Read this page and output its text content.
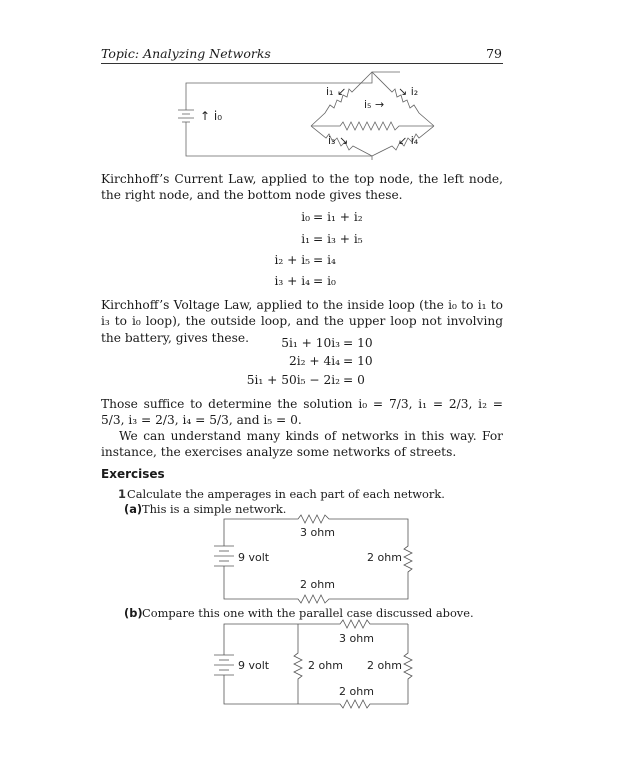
Topic: Analyzing Networks	79
↑ i₀
i₁ ↙	↘ i₂
i₅ →
i₃ ↘	↙ i₄
Kirchhoff’s Current Law, applied to the top node, the left node, the right node, and the bottom node gives these.
i₀ = i₁ + i₂
i₁ = i₃ + i₅
i₂ + i₅ = i₄
i₃ + i₄ = i₀
Kirchhoff’s Voltage Law, applied to the inside loop (the i₀ to i₁ to i₃ to i₀ loop), the outside loop, and the upper loop not involving the battery, gives these.	5i₁ + 10i₃ = 10
2i₂ + 4i₄ = 10
5i₁ + 50i₅ − 2i₂ = 0
Those suffice to determine the solution i₀ = 7/3, i₁ = 2/3, i₂ = 5/3, i₃ = 2/3, i₄ = 5/3, and i₅ = 0.
We can understand many kinds of networks in this way. For instance, the exercises analyze some networks of streets.
Exercises
1 Calculate the amperages in each part of each network.
(a) This is a simple network.
9 volt
3 ohm
2 ohm
2 ohm
(b) Compare this one with the parallel case discussed above.
9 volt
3 ohm
2 ohm 2 ohm
2 ohm
